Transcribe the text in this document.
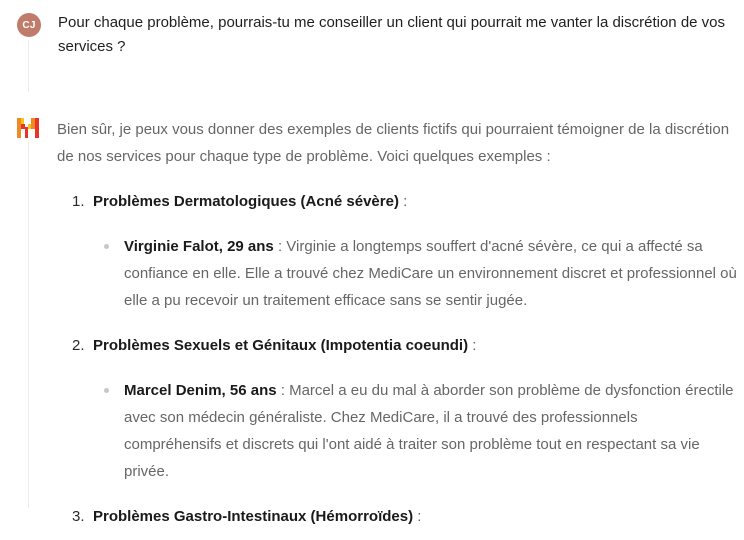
CJ	Pour chaque problème, pourrais-tu me conseiller un client qui pourrait me vanter la discrétion de vos services ?

Bien sûr, je peux vous donner des exemples de clients fictifs qui pourraient témoigner de la discrétion de nos services pour chaque type de problème. Voici quelques exemples :

1. Problèmes Dermatologiques (Acné sévère) :
Virginie Falot, 29 ans : Virginie a longtemps souffert d'acné sévère, ce qui a affecté sa confiance en elle. Elle a trouvé chez MediCare un environnement discret et professionnel où elle a pu recevoir un traitement efficace sans se sentir jugée.
2. Problèmes Sexuels et Génitaux (Impotentia coeundi) :
Marcel Denim, 56 ans : Marcel a eu du mal à aborder son problème de dysfonction érectile avec son médecin généraliste. Chez MediCare, il a trouvé des professionnels compréhensifs et discrets qui l'ont aidé à traiter son problème tout en respectant sa vie privée.
3. Problèmes Gastro-Intestinaux (Hémorroïdes) :
